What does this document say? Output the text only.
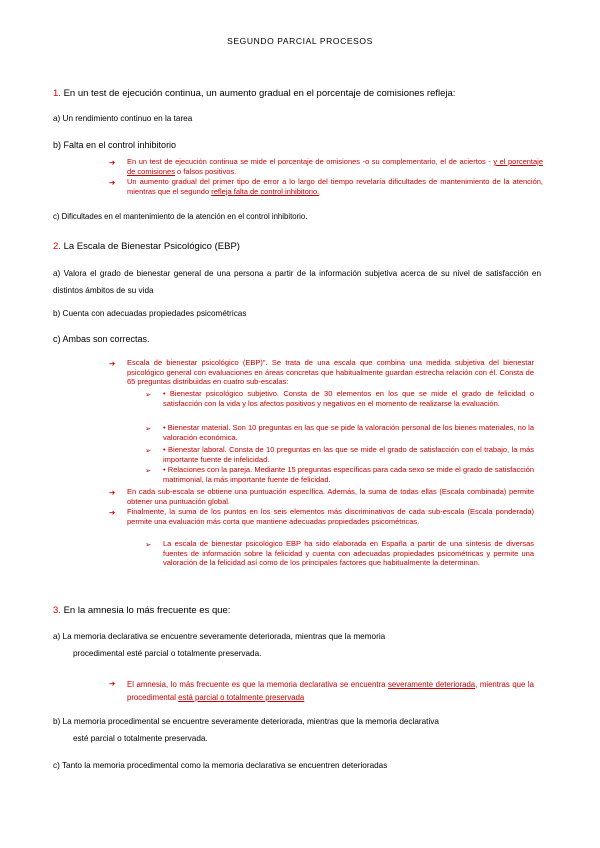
SEGUNDO PARCIAL PROCESOS
1. En un test de ejecución continua, un aumento gradual en el porcentaje de comisiones refleja:
a) Un rendimiento continuo en la tarea
b) Falta en el control inhibitorio
➔ En un test de ejecución continua se mide el porcentaje de omisiones -o su complementario, el de aciertos - y el porcentaje de comisiones o falsos positivos.
➔ Un aumento gradual del primer tipo de error a lo largo del tiempo revelaría dificultades de mantenimiento de la atención, mientras que el segundo refleja falta de control inhibitorio.
c) Dificultades en el mantenimiento de la atención en el control inhibitorio.
2. La Escala de Bienestar Psicológico (EBP)
a) Valora el grado de bienestar general de una persona a partir de la información subjetiva acerca de su nivel de satisfacción en distintos ámbitos de su vida
b) Cuenta con adecuadas propiedades psicométricas
c) Ambas son correctas.
➔ Escala de bienestar psicológico (EBP)". Se trata de una escala que combina una medida subjetiva del bienestar psicológico general con evaluaciones en áreas concretas que habitualmente guardan estrecha relación con él. Consta de 65 preguntas distribuidas en cuatro sub-escalas:
➢ • Bienestar psicológico subjetivo. Consta de 30 elementos en los que se mide el grado de felicidad o satisfacción con la vida y los afectos positivos y negativos en el momento de realizarse la evaluación.
➢ • Bienestar material. Son 10 preguntas en las que se pide la valoración personal de los bienes materiales, no la valoración económica.
➢ • Bienestar laboral. Consta de 10 preguntas en las que se mide el grado de satisfacción con el trabajo, la más importante fuente de infelicidad.
➢ • Relaciones con la pareja. Mediante 15 preguntas específicas para cada sexo se mide el grado de satisfacción matrimonial, la más importante fuente de felicidad.
➔ En cada sub-escala se obtiene una puntuación específica. Además, la suma de todas ellas (Escala combinada) permite obtener una puntuación global.
➔ Finalmente, la suma de los puntos en los seis elementos más discriminativos de cada sub-escala (Escala ponderada) permite una evaluación más corta que mantiene adecuadas propiedades psicométricas.
➢ La escala de bienestar psicológico EBP ha sido elaborada en España a partir de una síntesis de diversas fuentes de información sobre la felicidad y cuenta con adecuadas propiedades psicométricas y permite una valoración de la felicidad así como de los principales factores que habitualmente la determinan.
3. En la amnesia lo más frecuente es que:
a) La memoria declarativa se encuentre severamente deteriorada, mientras que la memoria
procedimental esté parcial o totalmente preservada.
➔ El amnesia, lo más frecuente es que la memoria declarativa se encuentra severamente deteriorada, mientras que la procedimental está parcial o totalmente preservada
b) La memoria procedimental se encuentre severamente deteriorada, mientras que la memoria declarativa
esté parcial o totalmente preservada.
c) Tanto la memoria procedimental como la memoria declarativa se encuentren deterioradas
